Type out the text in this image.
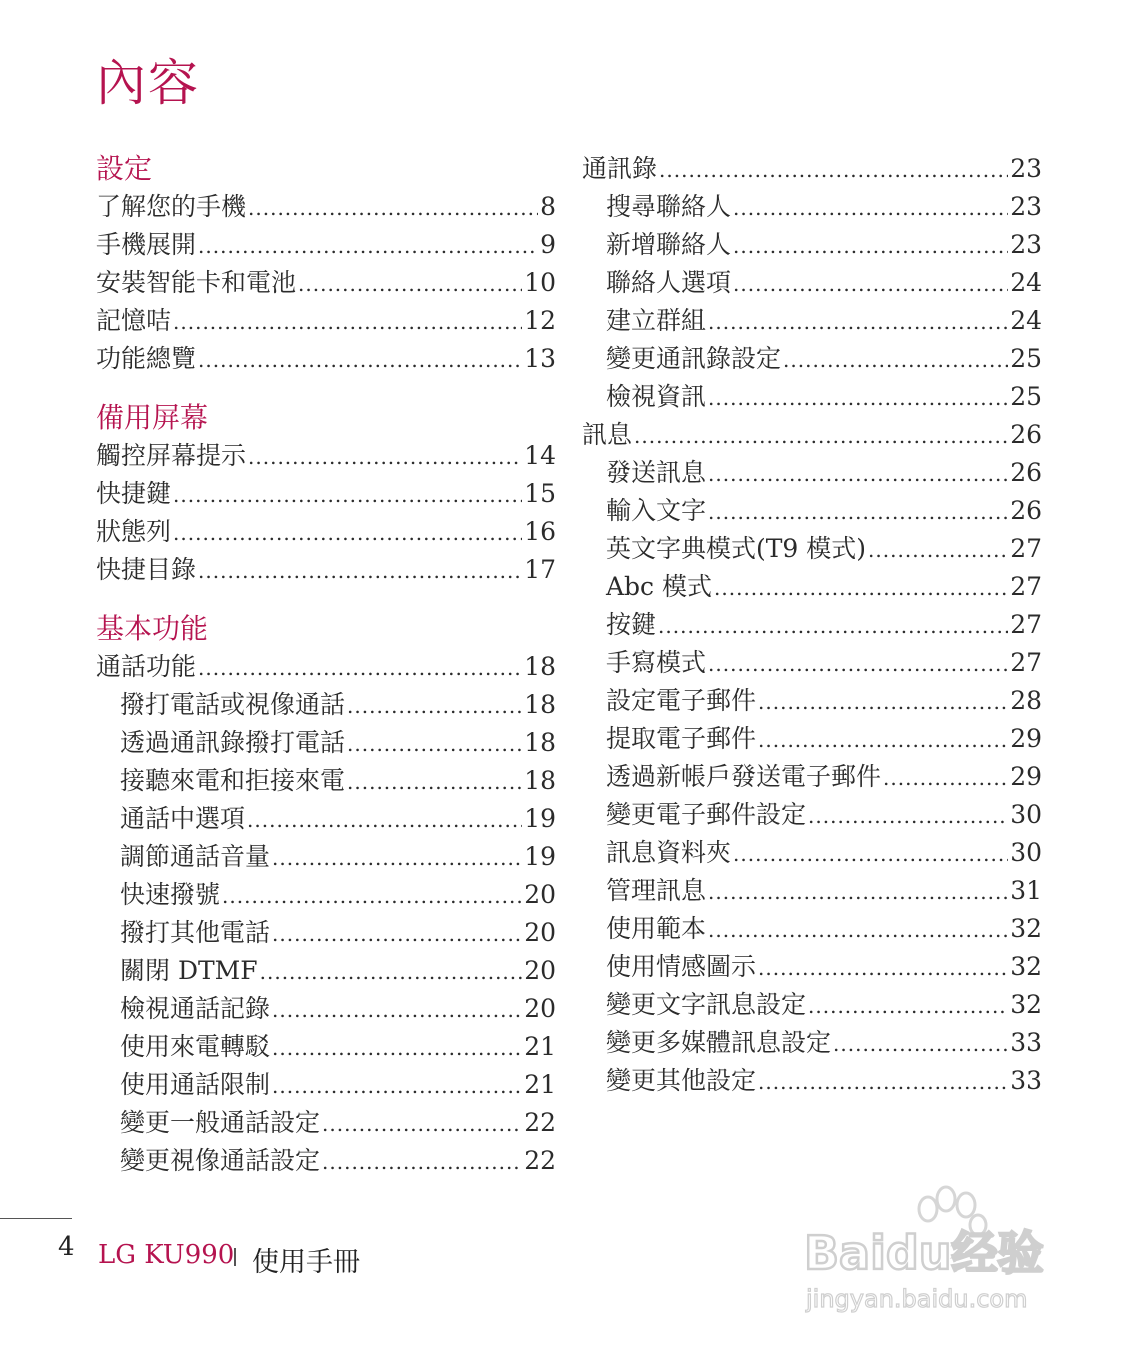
內容
設定
了解您的手機 .....	8
手機展開 .....	9
安裝智能卡和電池 .....	10
記憶咭 .....	12
功能總覽 .....	13
備用屏幕
觸控屏幕提示 .....	14
快捷鍵 .....	15
狀態列 .....	16
快捷目錄 .....	17
基本功能
通話功能 .....	18
撥打電話或視像通話 .....	18
透過通訊錄撥打電話 .....	18
接聽來電和拒接來電 .....	18
通話中選項 .....	19
調節通話音量 .....	19
快速撥號 .....	20
撥打其他電話 .....	20
關閉 DTMF .....	20
檢視通話記錄 .....	20
使用來電轉駁 .....	21
使用通話限制 .....	21
變更一般通話設定 .....	22
變更視像通話設定 .....	22
通訊錄 .....	23
搜尋聯絡人 .....	23
新增聯絡人 .....	23
聯絡人選項 .....	24
建立群組 .....	24
變更通訊錄設定 .....	25
檢視資訊 .....	25
訊息 .....	26
發送訊息 .....	26
輸入文字 .....	26
英文字典模式(T9 模式) .....	27
Abc 模式 .....	27
按鍵 .....	27
手寫模式 .....	27
設定電子郵件 .....	28
提取電子郵件 .....	29
透過新帳戶發送電子郵件 .....	29
變更電子郵件設定 .....	30
訊息資料夾 .....	30
管理訊息 .....	31
使用範本 .....	32
使用情感圖示 .....	32
變更文字訊息設定 .....	32
變更多媒體訊息設定 .....	33
變更其他設定 .....	33
4 LG KU990 使用手冊	Baidu经验
jingyan.baidu.com
